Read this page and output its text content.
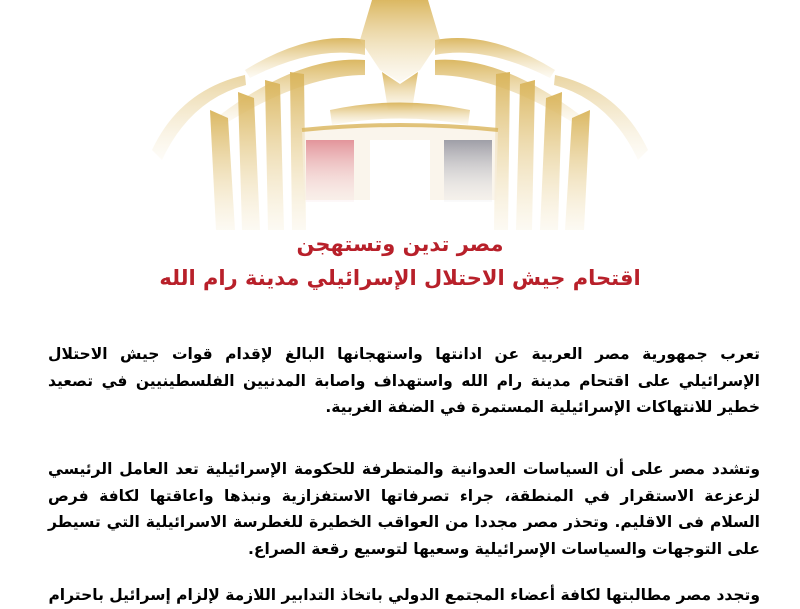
مصر تدين وتستهجن
اقتحام جيش الاحتلال الإسرائيلي مدينة رام الله

تعرب جمهورية مصر العربية عن ادانتها واستهجانها البالغ لإقدام قوات جيش الاحتلال الإسرائيلي على اقتحام مدينة رام الله واستهداف واصابة المدنيين الفلسطينيين في تصعيد خطير للانتهاكات الإسرائيلية المستمرة في الضفة الغربية.

وتشدد مصر على أن السياسات العدوانية والمتطرفة للحكومة الإسرائيلية تعد العامل الرئيسي لزعزعة الاستقرار في المنطقة، جراء تصرفاتها الاستفزازية ونبذها واعاقتها لكافة فرص السلام فى الاقليم. وتحذر مصر مجددا من العواقب الخطيرة للغطرسة الاسرائيلية التي تسيطر على التوجهات والسياسات الإسرائيلية وسعيها لتوسيع رقعة الصراع.

وتجدد مصر مطالبتها لكافة أعضاء المجتمع الدولي باتخاذ التدابير اللازمة لإلزام إسرائيل باحترام
